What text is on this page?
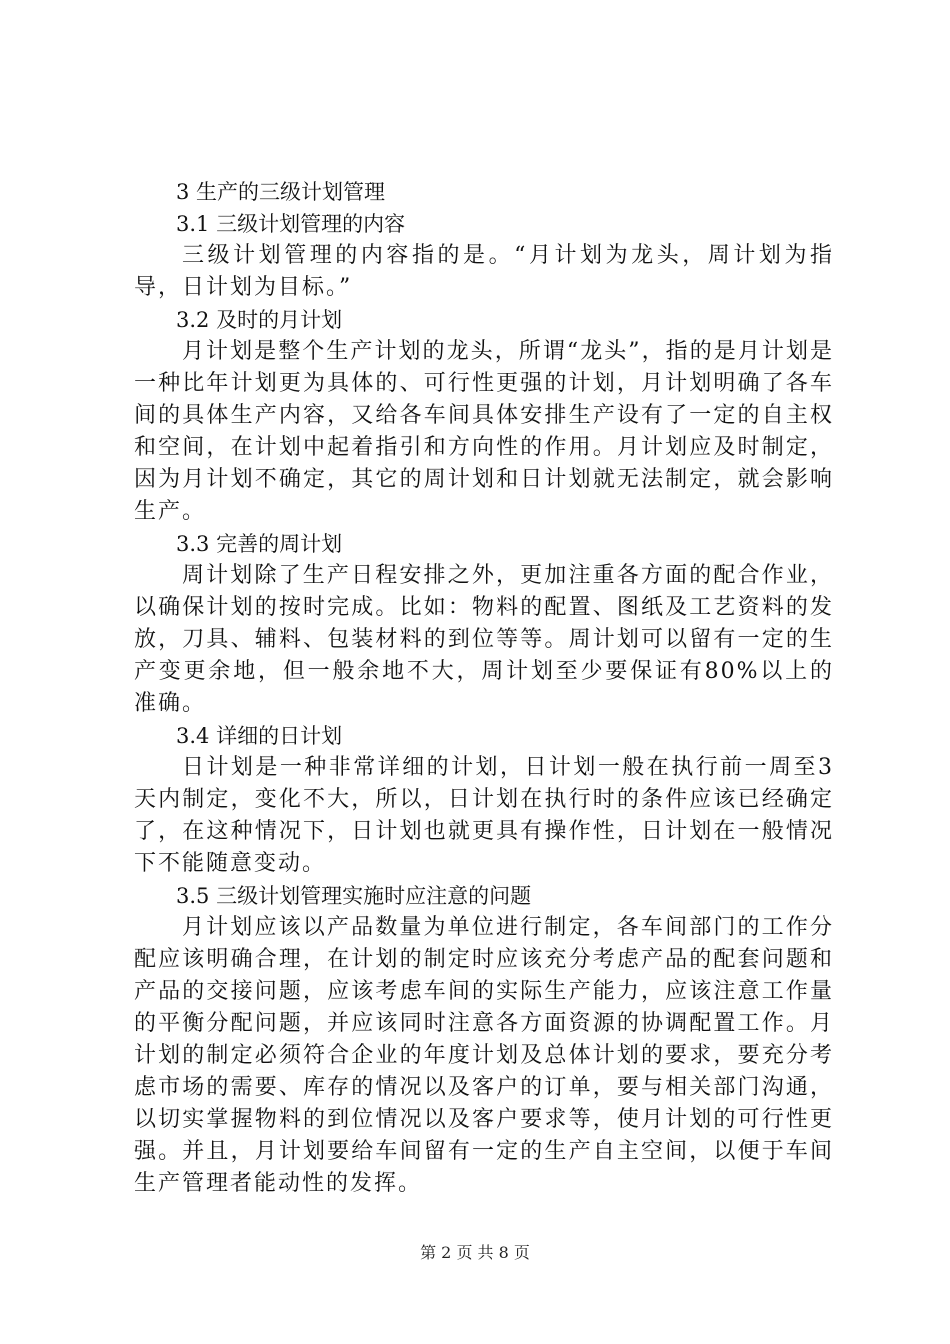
3 生产的三级计划管理

3.1 三级计划管理的内容

三级计划管理的内容指的是。“月计划为龙头，周计划为指导，日计划为目标。”

3.2 及时的月计划

月计划是整个生产计划的龙头，所谓“龙头”，指的是月计划是一种比年计划更为具体的、可行性更强的计划，月计划明确了各车间的具体生产内容，又给各车间具体安排生产设有了一定的自主权和空间，在计划中起着指引和方向性的作用。月计划应及时制定，因为月计划不确定，其它的周计划和日计划就无法制定，就会影响生产。

3.3 完善的周计划

周计划除了生产日程安排之外，更加注重各方面的配合作业，以确保计划的按时完成。比如：物料的配置、图纸及工艺资料的发放，刀具、辅料、包装材料的到位等等。周计划可以留有一定的生产变更余地，但一般余地不大，周计划至少要保证有80%以上的准确。

3.4 详细的日计划

日计划是一种非常详细的计划，日计划一般在执行前一周至3天内制定，变化不大，所以，日计划在执行时的条件应该已经确定了，在这种情况下，日计划也就更具有操作性，日计划在一般情况下不能随意变动。

3.5 三级计划管理实施时应注意的问题

月计划应该以产品数量为单位进行制定，各车间部门的工作分配应该明确合理，在计划的制定时应该充分考虑产品的配套问题和产品的交接问题，应该考虑车间的实际生产能力，应该注意工作量的平衡分配问题，并应该同时注意各方面资源的协调配置工作。月计划的制定必须符合企业的年度计划及总体计划的要求，要充分考虑市场的需要、库存的情况以及客户的订单，要与相关部门沟通，以切实掌握物料的到位情况以及客户要求等，使月计划的可行性更强。并且，月计划要给车间留有一定的生产自主空间，以便于车间生产管理者能动性的发挥。

第 2 页 共 8 页
